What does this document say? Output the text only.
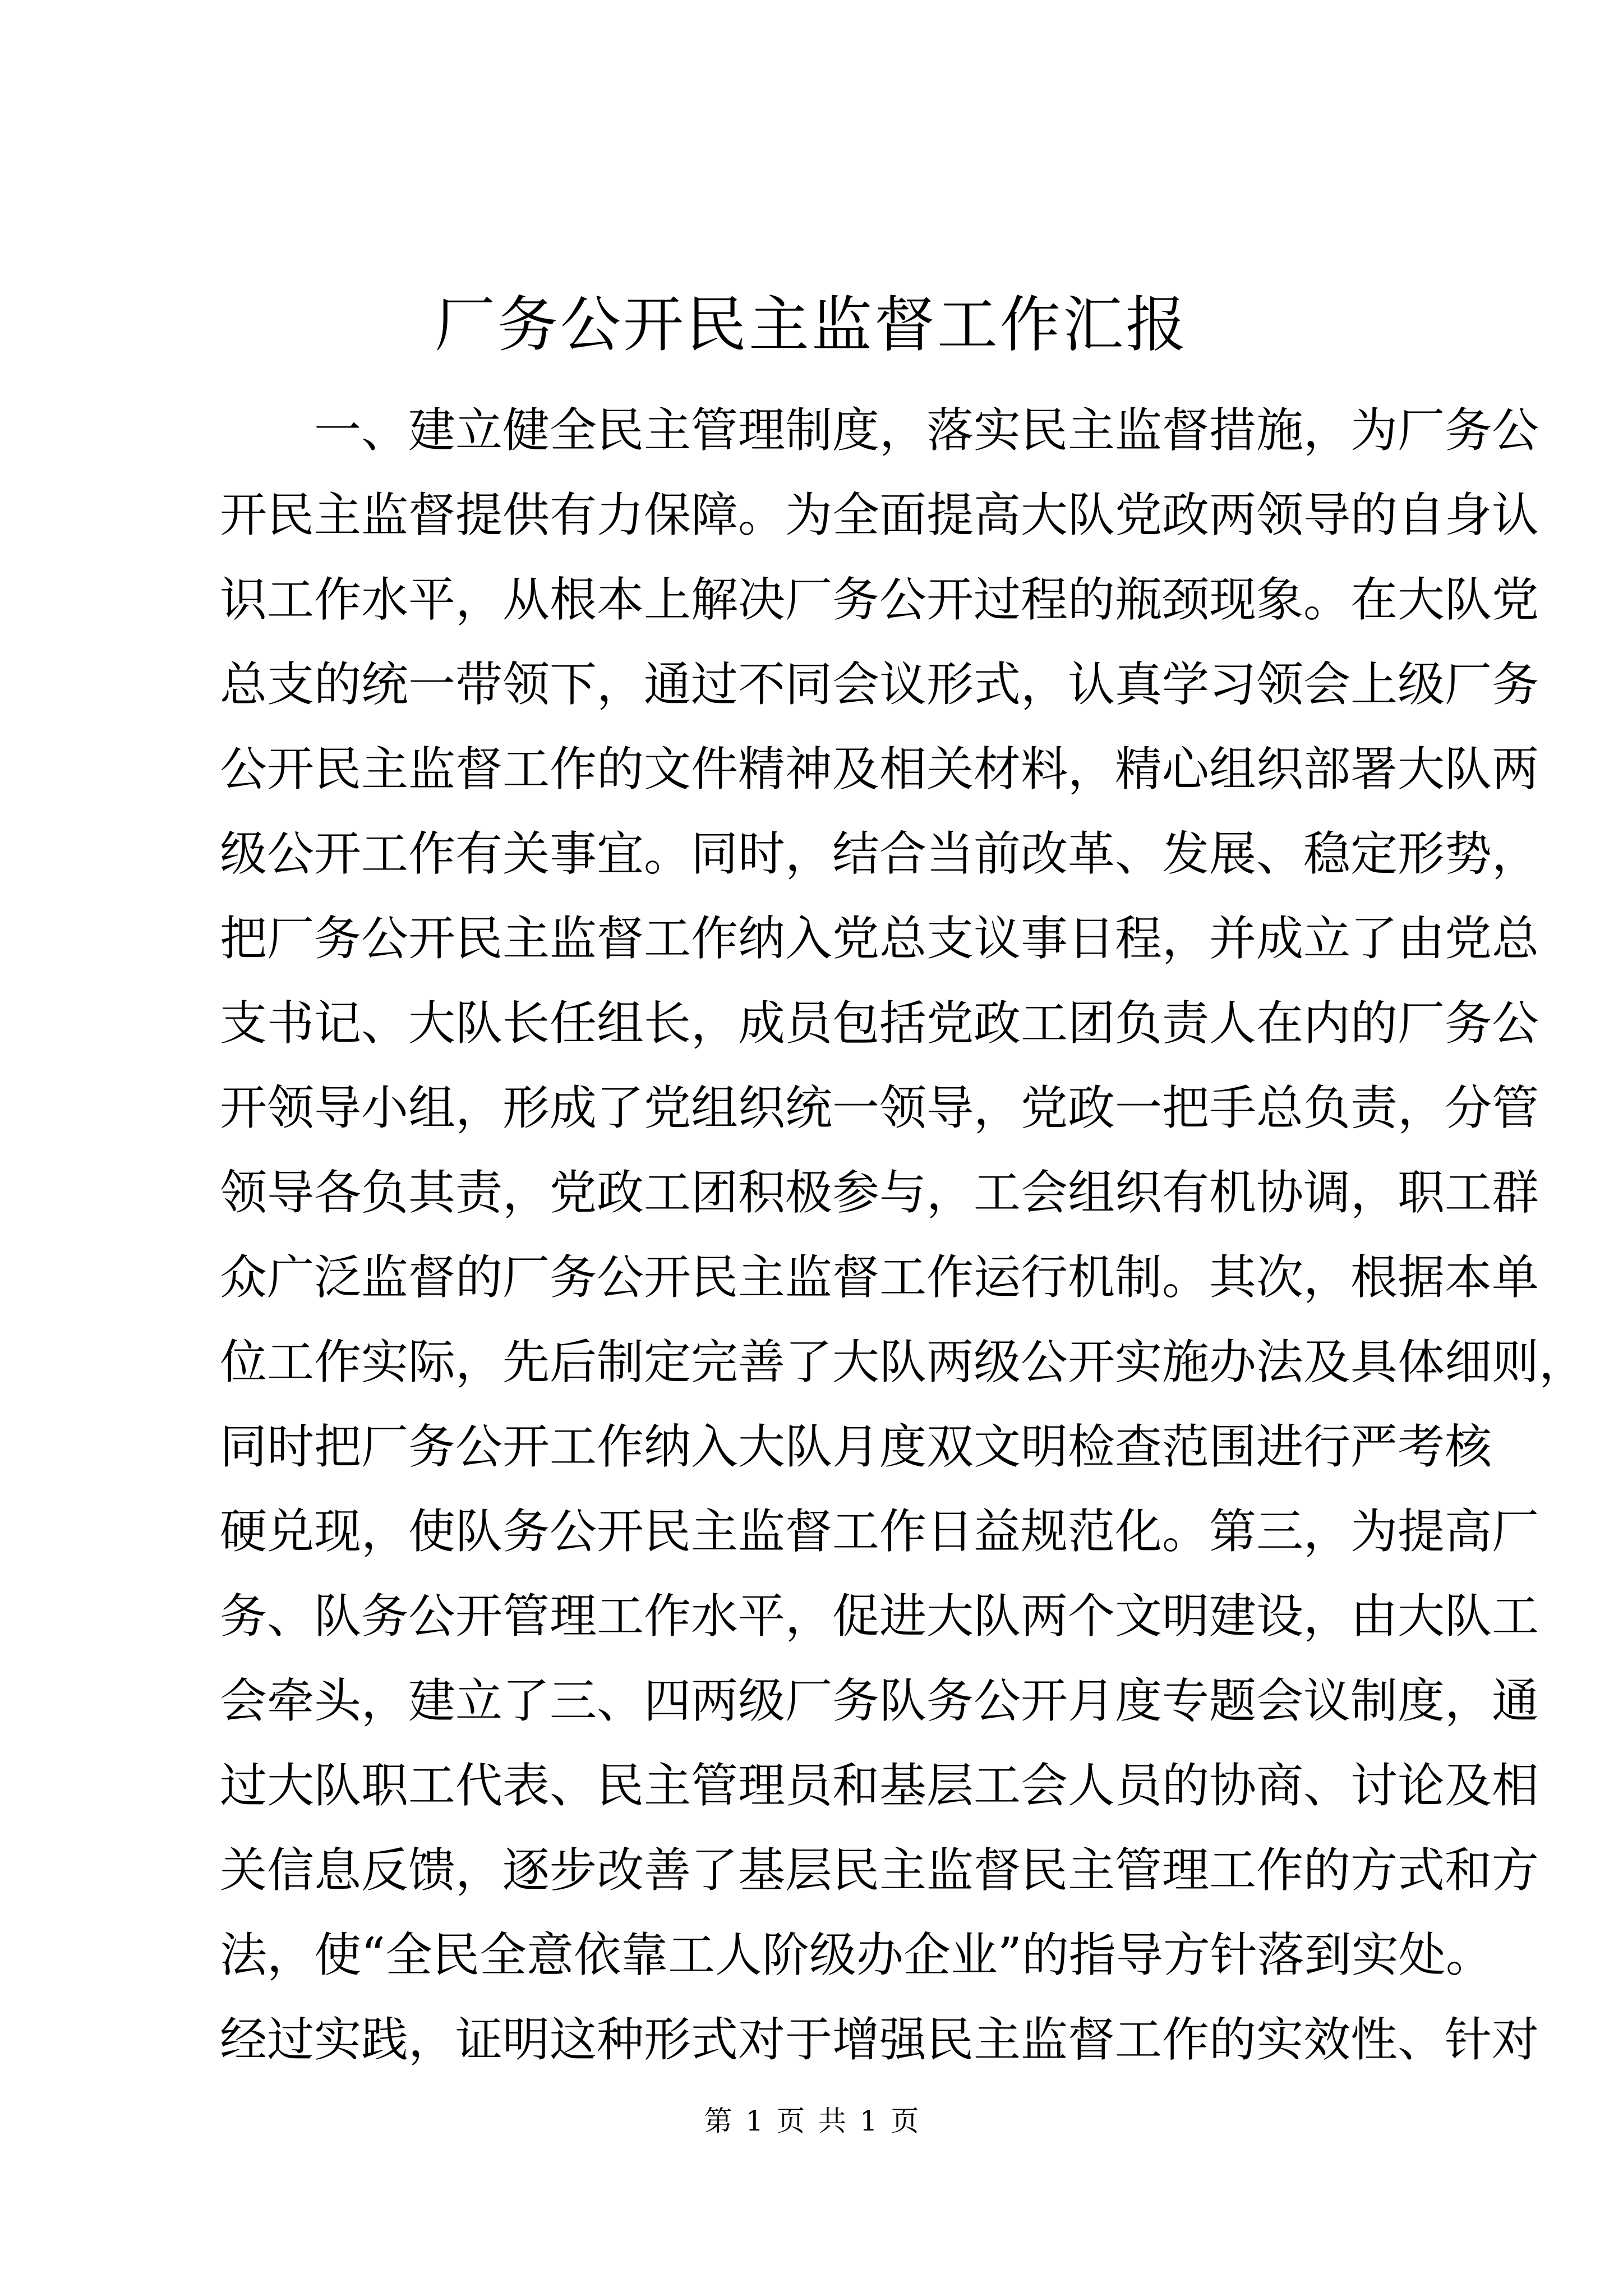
厂务公开民主监督工作汇报
一、建立健全民主管理制度，落实民主监督措施，为厂务公
开民主监督提供有力保障。为全面提高大队党政两领导的自身认
识工作水平，从根本上解决厂务公开过程的瓶颈现象。在大队党
总支的统一带领下，通过不同会议形式，认真学习领会上级厂务
公开民主监督工作的文件精神及相关材料，精心组织部署大队两
级公开工作有关事宜。同时，结合当前改革、发展、稳定形势，
把厂务公开民主监督工作纳入党总支议事日程，并成立了由党总
支书记、大队长任组长，成员包括党政工团负责人在内的厂务公
开领导小组，形成了党组织统一领导，党政一把手总负责，分管
领导各负其责，党政工团积极参与，工会组织有机协调，职工群
众广泛监督的厂务公开民主监督工作运行机制。其次，根据本单
位工作实际，先后制定完善了大队两级公开实施办法及具体细则，
同时把厂务公开工作纳入大队月度双文明检查范围进行严考核
硬兑现，使队务公开民主监督工作日益规范化。第三，为提高厂
务、队务公开管理工作水平，促进大队两个文明建设，由大队工
会牵头，建立了三、四两级厂务队务公开月度专题会议制度，通
过大队职工代表、民主管理员和基层工会人员的协商、讨论及相
关信息反馈，逐步改善了基层民主监督民主管理工作的方式和方
法，使“全民全意依靠工人阶级办企业”的指导方针落到实处。
经过实践，证明这种形式对于增强民主监督工作的实效性、针对
第 1 页 共 1 页
